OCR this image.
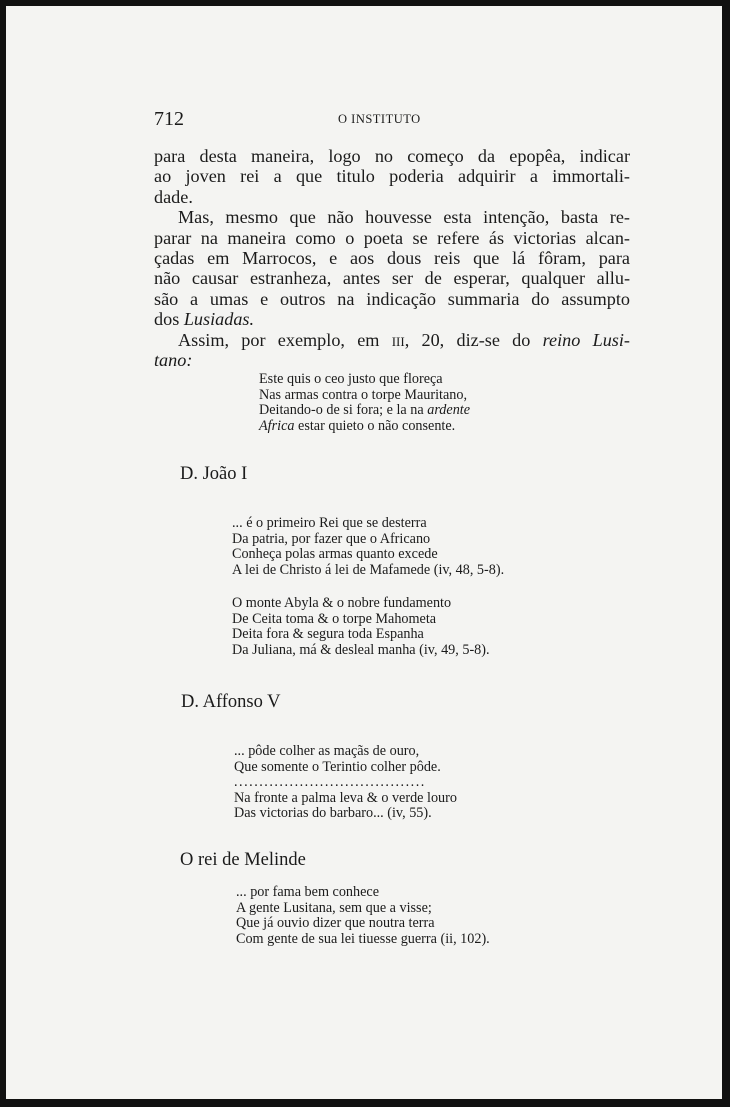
712	O INSTITUTO

para desta maneira, logo no começo da epopêa, indicar
ao joven rei a que titulo poderia adquirir a immortali-
dade.

Mas, mesmo que não houvesse esta intenção, basta re-
parar na maneira como o poeta se refere ás victorias alcan-
çadas em Marrocos, e aos dous reis que lá fôram, para
não causar estranheza, antes ser de esperar, qualquer allu-
são a umas e outros na indicação summaria do assumpto
dos Lusiadas.

Assim, por exemplo, em iii, 20, diz-se do reino Lusi-
tano:

Este quis o ceo justo que floreça
Nas armas contra o torpe Mauritano,
Deitando-o de si fora; e la na ardente
Africa estar quieto o não consente.
D. João I
... é o primeiro Rei que se desterra
Da patria, por fazer que o Africano
Conheça polas armas quanto excede
A lei de Christo á lei de Mafamede (iv, 48, 5-8).
O monte Abyla & o nobre fundamento
De Ceita toma & o torpe Mahometa
Deita fora & segura toda Espanha
Da Juliana, má & desleal manha (iv, 49, 5-8).
D. Affonso V
... pôde colher as maçãs de ouro,
Que somente o Terintio colher pôde.
......................................
Na fronte a palma leva & o verde louro
Das victorias do barbaro... (iv, 55).
O rei de Melinde
... por fama bem conhece
A gente Lusitana, sem que a visse;
Que já ouvio dizer que noutra terra
Com gente de sua lei tiuesse guerra (ii, 102).
